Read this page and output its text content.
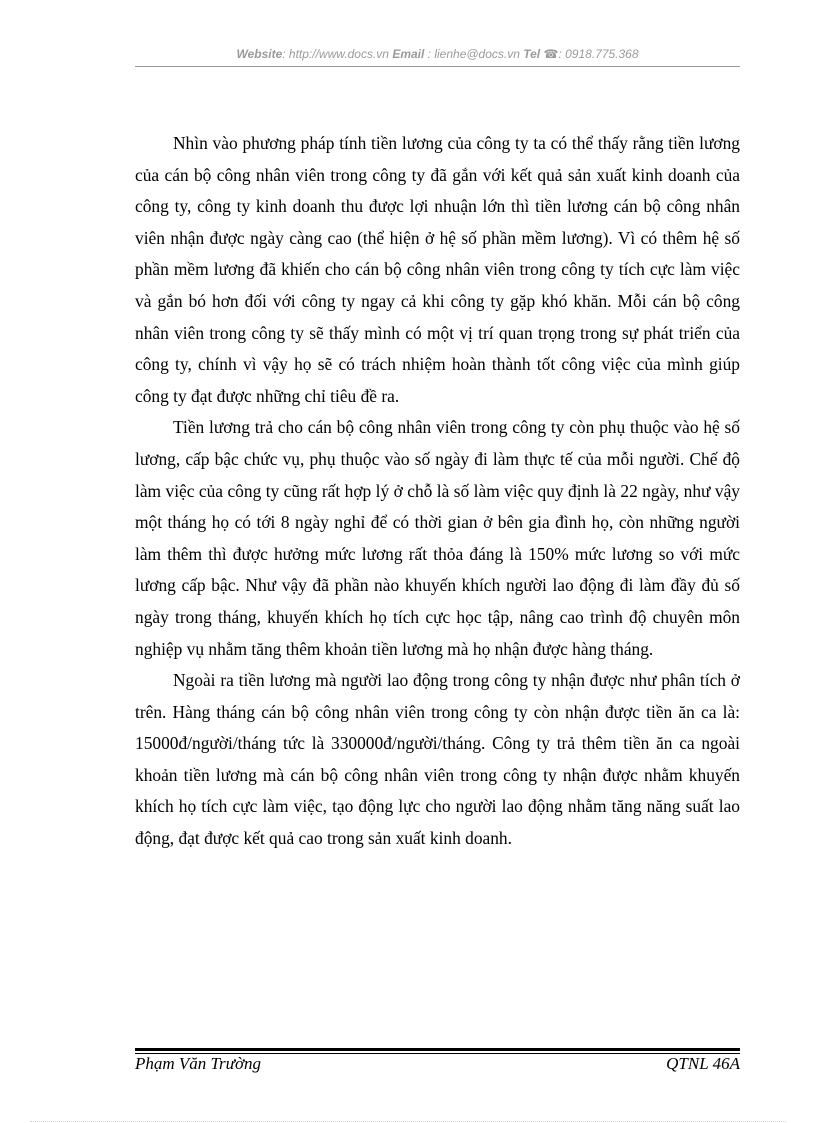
Website: http://www.docs.vn Email : lienhe@docs.vn Tel ☎: 0918.775.368

Nhìn vào phương pháp tính tiền lương của công ty ta có thể thấy rằng tiền lương của cán bộ công nhân viên trong công ty đã gắn với kết quả sản xuất kinh doanh của công ty, công ty kinh doanh thu được lợi nhuận lớn thì tiền lương cán bộ công nhân viên nhận được ngày càng cao (thể hiện ở hệ số phần mềm lương). Vì có thêm hệ số phần mềm lương đã khiến cho cán bộ công nhân viên trong công ty tích cực làm việc và gắn bó hơn đối với công ty ngay cả khi công ty gặp khó khăn. Mỗi cán bộ công nhân viên trong công ty sẽ thấy mình có một vị trí quan trọng trong sự phát triển của công ty, chính vì vậy họ sẽ có trách nhiệm hoàn thành tốt công việc của mình giúp công ty đạt được những chỉ tiêu đề ra.

Tiền lương trả cho cán bộ công nhân viên trong công ty còn phụ thuộc vào hệ số lương, cấp bậc chức vụ, phụ thuộc vào số ngày đi làm thực tế của mỗi người. Chế độ làm việc của công ty cũng rất hợp lý ở chỗ là số làm việc quy định là 22 ngày, như vậy một tháng họ có tới 8 ngày nghỉ để có thời gian ở bên gia đình họ, còn những người làm thêm thì được hưởng mức lương rất thỏa đáng là 150% mức lương so với mức lương cấp bậc. Như vậy đã phần nào khuyến khích người lao động đi làm đầy đủ số ngày trong tháng, khuyến khích họ tích cực học tập, nâng cao trình độ chuyên môn nghiệp vụ nhằm tăng thêm khoản tiền lương mà họ nhận được hàng tháng.

Ngoài ra tiền lương mà người lao động trong công ty nhận được như phân tích ở trên. Hàng tháng cán bộ công nhân viên trong công ty còn nhận được tiền ăn ca là: 15000đ/người/tháng tức là 330000đ/người/tháng. Công ty trả thêm tiền ăn ca ngoài khoản tiền lương mà cán bộ công nhân viên trong công ty nhận được nhằm khuyến khích họ tích cực làm việc, tạo động lực cho người lao động nhằm tăng năng suất lao động, đạt được kết quả cao trong sản xuất kinh doanh.

Phạm Văn Trường	QTNL 46A
